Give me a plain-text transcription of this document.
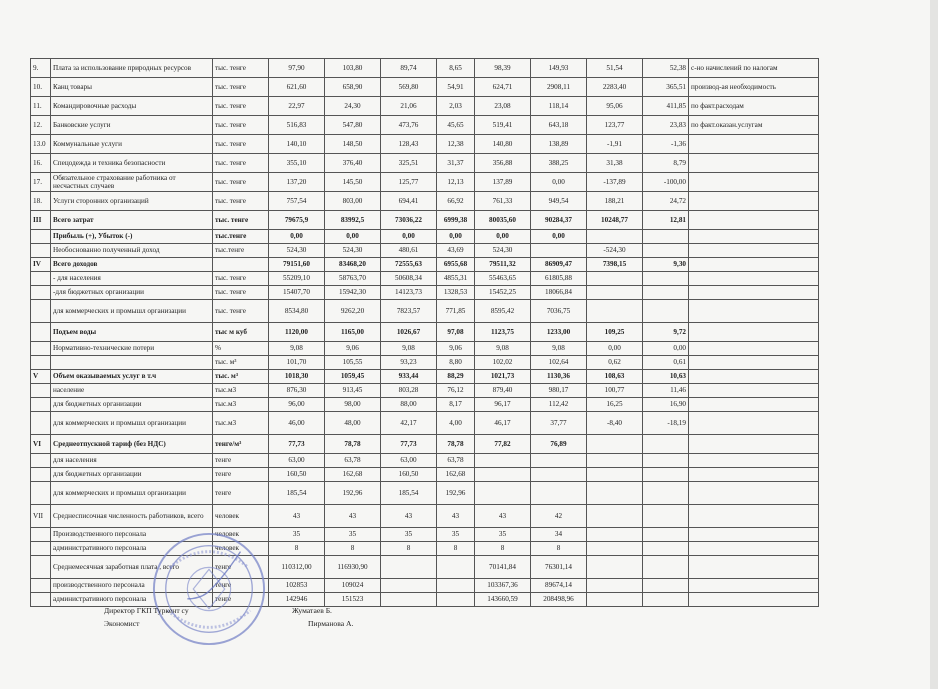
9.	Плата за использование природных ресурсов	тыс. тенге	97,90	103,80	89,74	8,65	98,39	149,93	51,54	52,38	с-но начислений по налогам
10.	Канц товары	тыс. тенге	621,60	658,90	569,80	54,91	624,71	2908,11	2283,40	365,51	производ-ая необходимость
11.	Командировочные расходы	тыс. тенге	22,97	24,30	21,06	2,03	23,08	118,14	95,06	411,85	по факт.расходам
12.	Банковские услуги	тыс. тенге	516,83	547,80	473,76	45,65	519,41	643,18	123,77	23,83	по факт.оказан.услугам
13.0	Коммунальные услуги	тыс. тенге	140,10	148,50	128,43	12,38	140,80	138,89	-1,91	-1,36	
16.	Спецодежда и техника безопасности	тыс. тенге	355,10	376,40	325,51	31,37	356,88	388,25	31,38	8,79	
17.	Обязательное страхование работника от несчастных случаев	тыс. тенге	137,20	145,50	125,77	12,13	137,89	0,00	-137,89	-100,00	
18.	Услуги сторонних организаций	тыс. тенге	757,54	803,00	694,41	66,92	761,33	949,54	188,21	24,72	
III	Всего затрат	тыс. тенге	79675,9	83992,5	73036,22	6999,38	80035,60	90284,37	10248,77	12,81	
	Прибыль (+), Убыток (-)	тыс.тенге	0,00	0,00	0,00	0,00	0,00	0,00			
	Необоснованно полученный доход	тыс.тенге	524,30	524,30	480,61	43,69	524,30		-524,30		
IV	Всего доходов		79151,60	83468,20	72555,63	6955,68	79511,32	86909,47	7398,15	9,30	
	- для населения	тыс. тенге	55209,10	58763,70	50608,34	4855,31	55463,65	61805,88			
	-для бюджетных организации	тыс. тенге	15407,70	15942,30	14123,73	1328,53	15452,25	18066,84			
	для коммерческих и промышл организации	тыс. тенге	8534,80	9262,20	7823,57	771,85	8595,42	7036,75			
	Подъем воды	тыс м куб	1120,00	1165,00	1026,67	97,08	1123,75	1233,00	109,25	9,72	
	Нормативно-технические потери	%	9,08	9,06	9,08	9,06	9,08	9,08	0,00	0,00	
		тыс. м³	101,70	105,55	93,23	8,80	102,02	102,64	0,62	0,61	
V	Объем оказываемых услуг в т.ч	тыс. м³	1018,30	1059,45	933,44	88,29	1021,73	1130,36	108,63	10,63	
	население	тыс.м3	876,30	913,45	803,28	76,12	879,40	980,17	100,77	11,46	
	для бюджетных организации	тыс.м3	96,00	98,00	88,00	8,17	96,17	112,42	16,25	16,90	
	для коммерческих и промышл организации	тыс.м3	46,00	48,00	42,17	4,00	46,17	37,77	-8,40	-18,19	
VI	Среднеотпускной тариф (без НДС)	тенге/м³	77,73	78,78	77,73	78,78	77,82	76,89			
	для населения	тенге	63,00	63,78	63,00	63,78					
	для бюджетных организации	тенге	160,50	162,68	160,50	162,68					
	для коммерческих и промышл организации	тенге	185,54	192,96	185,54	192,96					
VII	Среднесписочная численность работников, всего	человек	43	43	43	43	43	42			
	Производственного персонала	человек	35	35	35	35	35	34			
	административного персонала	человек	8	8	8	8	8	8			
	Среднемесячная заработная плата , всего	тенге	110312,00	116930,90			70141,84	76301,14			
	производственного персонала	тенге	102853	109024			103367,36	89674,14			
	административного персонала	тенге	142946	151523			143660,59	208498,96			
Директор ГКП Туркент су	Жуматаев Б.
Экономист	Пирманова А.
